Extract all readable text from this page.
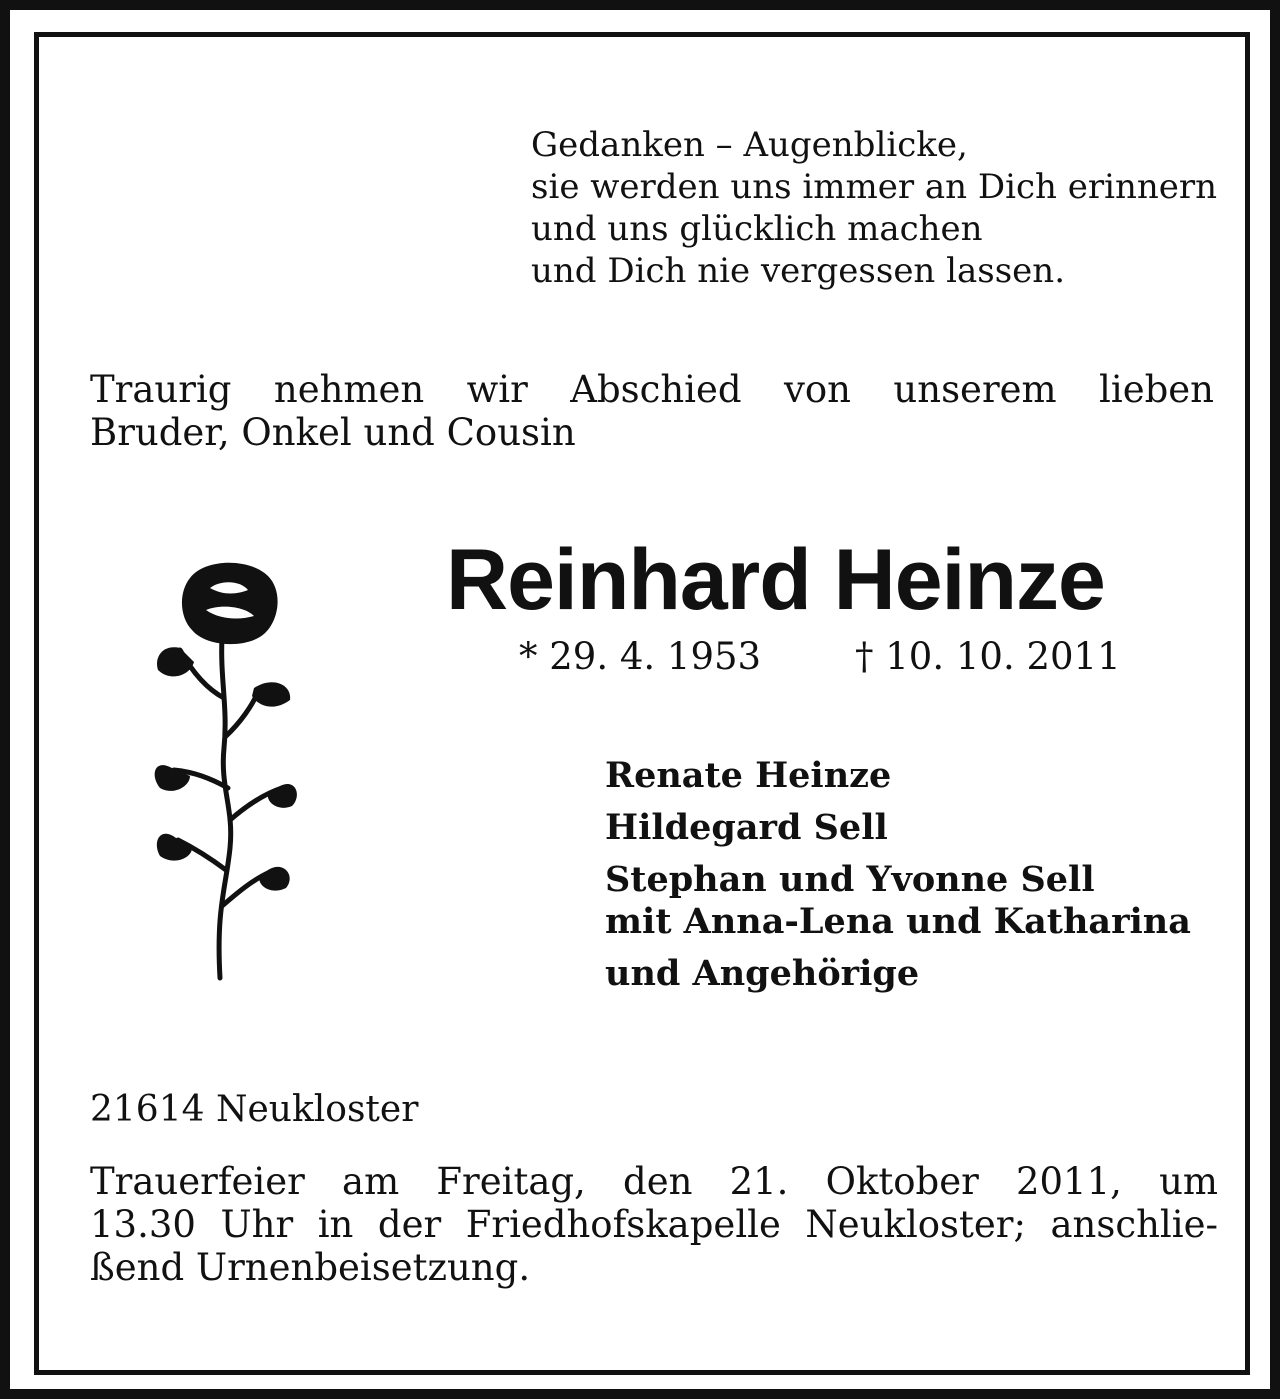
Gedanken – Augenblicke,
sie werden uns immer an Dich erinnern
und uns glücklich machen
und Dich nie vergessen lassen.
Traurig nehmen wir Abschied von unserem lieben
Bruder, Onkel und Cousin
Reinhard Heinze
* 29. 4. 1953	† 10. 10. 2011
Renate Heinze
Hildegard Sell
Stephan und Yvonne Sell
mit Anna-Lena und Katharina
und Angehörige
21614 Neukloster
Trauerfeier am Freitag, den 21. Oktober 2011, um
13.30 Uhr in der Friedhofskapelle Neukloster; anschlie-
ßend Urnenbeisetzung.
